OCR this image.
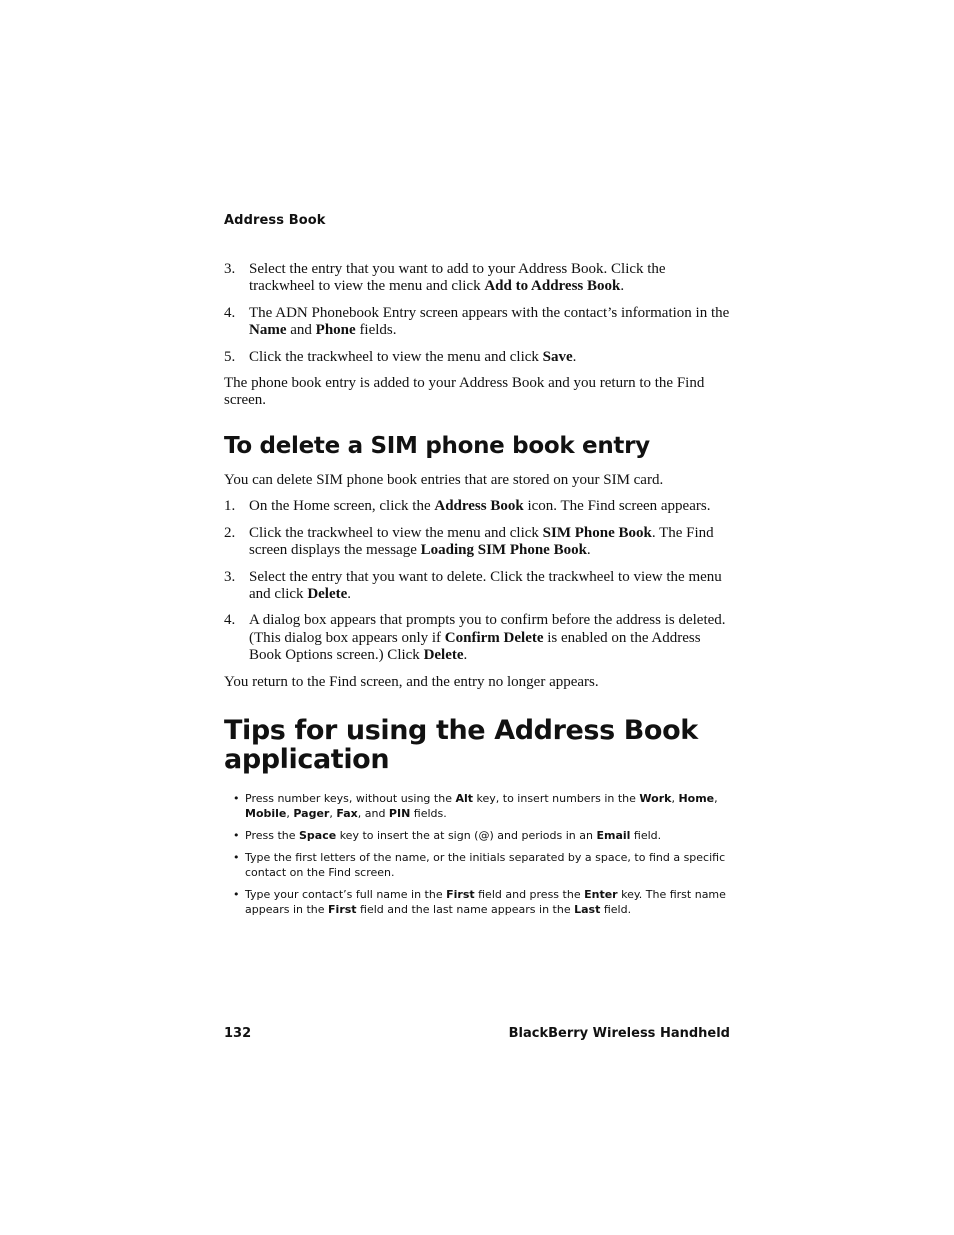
Address Book
3. Select the entry that you want to add to your Address Book. Click the trackwheel to view the menu and click Add to Address Book.
4. The ADN Phonebook Entry screen appears with the contact’s information in the Name and Phone fields.
5. Click the trackwheel to view the menu and click Save.

The phone book entry is added to your Address Book and you return to the Find screen.

To delete a SIM phone book entry

You can delete SIM phone book entries that are stored on your SIM card.

1. On the Home screen, click the Address Book icon. The Find screen appears.
2. Click the trackwheel to view the menu and click SIM Phone Book. The Find screen displays the message Loading SIM Phone Book.
3. Select the entry that you want to delete. Click the trackwheel to view the menu and click Delete.
4. A dialog box appears that prompts you to confirm before the address is deleted. (This dialog box appears only if Confirm Delete is enabled on the Address Book Options screen.) Click Delete.

You return to the Find screen, and the entry no longer appears.

Tips for using the Address Book application
• Press number keys, without using the Alt key, to insert numbers in the Work, Home, Mobile, Pager, Fax, and PIN fields.
• Press the Space key to insert the at sign (@) and periods in an Email field.
• Type the first letters of the name, or the initials separated by a space, to find a specific contact on the Find screen.
• Type your contact’s full name in the First field and press the Enter key. The first name appears in the First field and the last name appears in the Last field.
132	BlackBerry Wireless Handheld
